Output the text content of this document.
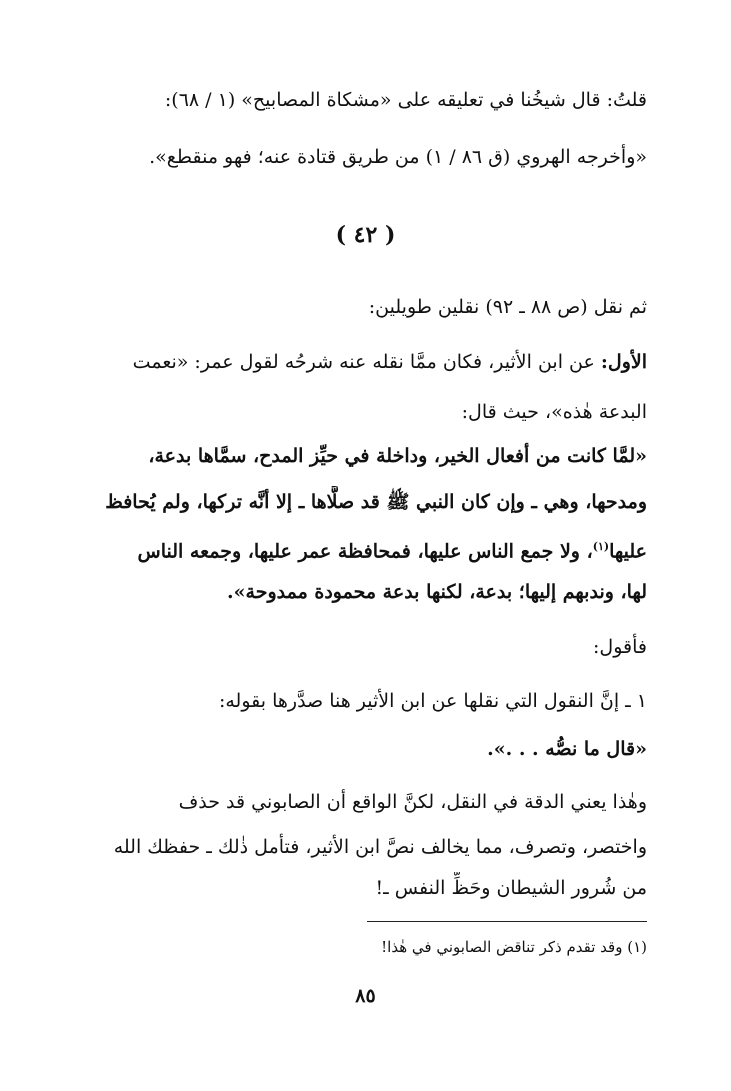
قلتُ: قال شيخُنا في تعليقه على «مشكاة المصابيح» (١ / ٦٨):
«وأخرجه الهروي (ق ٨٦ / ١) من طريق قتادة عنه؛ فهو منقطع».
( ٤٢ )
ثم نقل (ص ٨٨ ـ ٩٢) نقلين طويلين:
الأول: عن ابن الأثير، فكان ممَّا نقله عنه شرحُه لقول عمر: «نعمت
البدعة هٰذه»، حيث قال:
«لمَّا كانت من أفعال الخير، وداخلة في حيِّز المدح، سمَّاها بدعة،
ومدحها، وهي ـ وإن كان النبي ﷺ قد صلَّاها ـ إلا أنَّه تركها، ولم يُحافظ
عليها$^{(١)}$، ولا جمع الناس عليها، فمحافظة عمر عليها، وجمعه الناس
لها، وندبهم إليها؛ بدعة، لكنها بدعة محمودة ممدوحة».
فأقول:
١ ـ إنَّ النقول التي نقلها عن ابن الأثير هنا صدَّرها بقوله:
«قال ما نصُّه . . .».
وهٰذا يعني الدقة في النقل، لكنَّ الواقع أن الصابوني قد حذف
واختصر، وتصرف، مما يخالف نصَّ ابن الأثير، فتأمل ذٰلك ـ حفظك الله
من شُرور الشيطان وحَظِّ النفس ـ!
(١) وقد تقدم ذكر تناقض الصابوني في هٰذا!
٨٥
